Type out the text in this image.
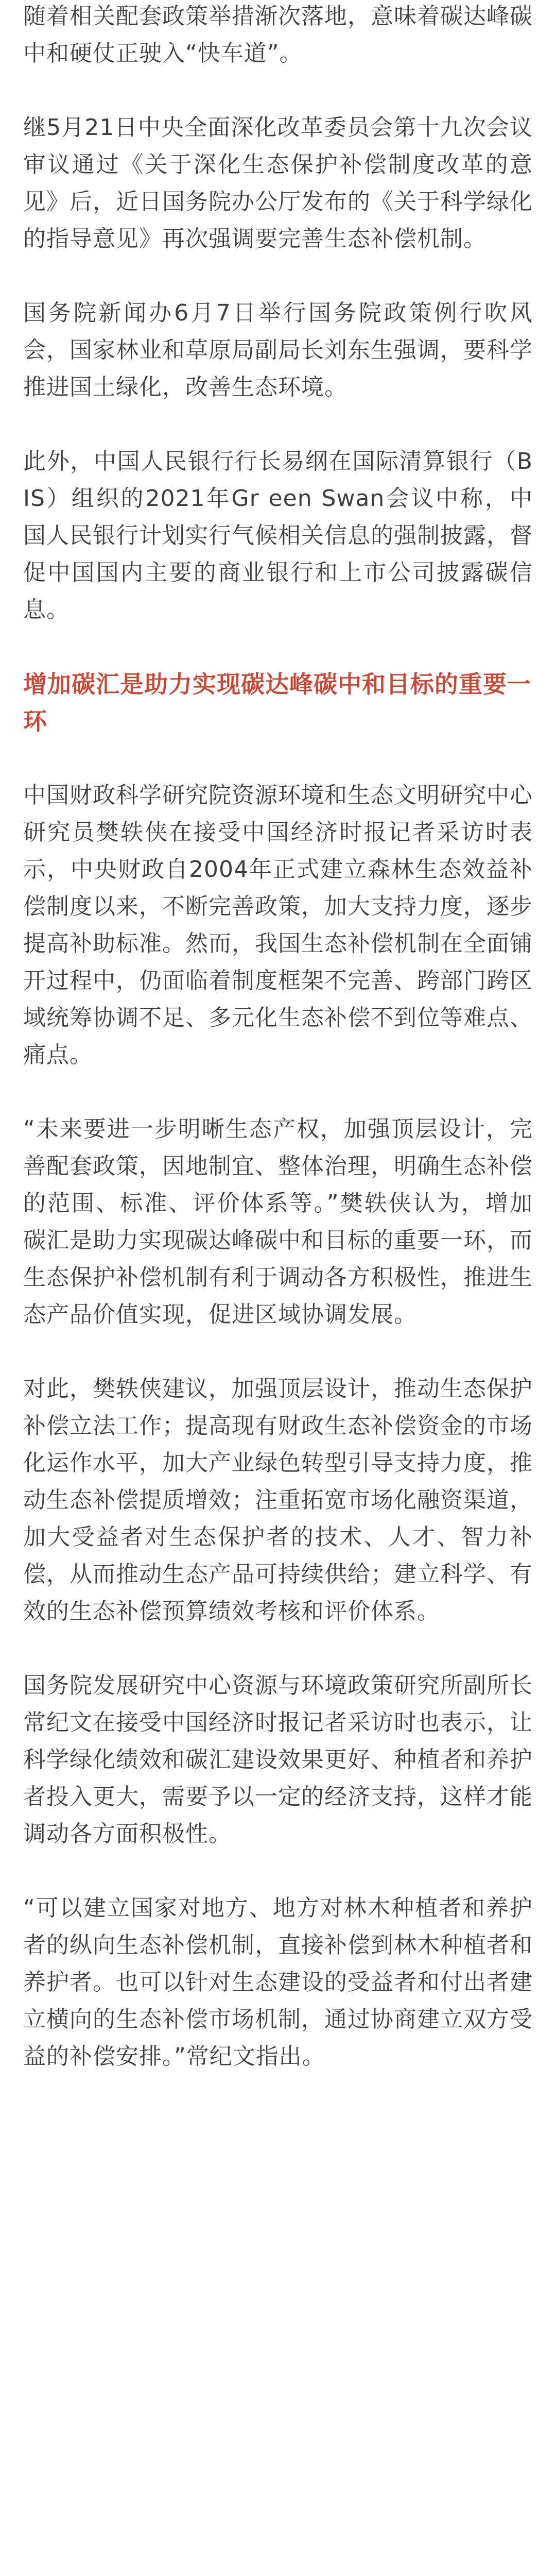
随着相关配套政策举措渐次落地，意味着碳达峰碳中和硬仗正驶入“快车道”。

继5月21日中央全面深化改革委员会第十九次会议审议通过《关于深化生态保护补偿制度改革的意见》后，近日国务院办公厅发布的《关于科学绿化的指导意见》再次强调要完善生态补偿机制。

国务院新闻办6月7日举行国务院政策例行吹风会，国家林业和草原局副局长刘东生强调，要科学推进国土绿化，改善生态环境。

此外，中国人民银行行长易纲在国际清算银行（BIS）组织的2021年Gr een Swan会议中称，中国人民银行计划实行气候相关信息的强制披露，督促中国国内主要的商业银行和上市公司披露碳信息。

增加碳汇是助力实现碳达峰碳中和目标的重要一环

中国财政科学研究院资源环境和生态文明研究中心研究员樊轶侠在接受中国经济时报记者采访时表示，中央财政自2004年正式建立森林生态效益补偿制度以来，不断完善政策，加大支持力度，逐步提高补助标准。然而，我国生态补偿机制在全面铺开过程中，仍面临着制度框架不完善、跨部门跨区域统筹协调不足、多元化生态补偿不到位等难点、痛点。

“未来要进一步明晰生态产权，加强顶层设计，完善配套政策，因地制宜、整体治理，明确生态补偿的范围、标准、评价体系等。”樊轶侠认为，增加碳汇是助力实现碳达峰碳中和目标的重要一环，而生态保护补偿机制有利于调动各方积极性，推进生态产品价值实现，促进区域协调发展。

对此，樊轶侠建议，加强顶层设计，推动生态保护补偿立法工作；提高现有财政生态补偿资金的市场化运作水平，加大产业绿色转型引导支持力度，推动生态补偿提质增效；注重拓宽市场化融资渠道，加大受益者对生态保护者的技术、人才、智力补偿，从而推动生态产品可持续供给；建立科学、有效的生态补偿预算绩效考核和评价体系。

国务院发展研究中心资源与环境政策研究所副所长常纪文在接受中国经济时报记者采访时也表示，让科学绿化绩效和碳汇建设效果更好、种植者和养护者投入更大，需要予以一定的经济支持，这样才能调动各方面积极性。

“可以建立国家对地方、地方对林木种植者和养护者的纵向生态补偿机制，直接补偿到林木种植者和养护者。也可以针对生态建设的受益者和付出者建立横向的生态补偿市场机制，通过协商建立双方受益的补偿安排。”常纪文指出。
